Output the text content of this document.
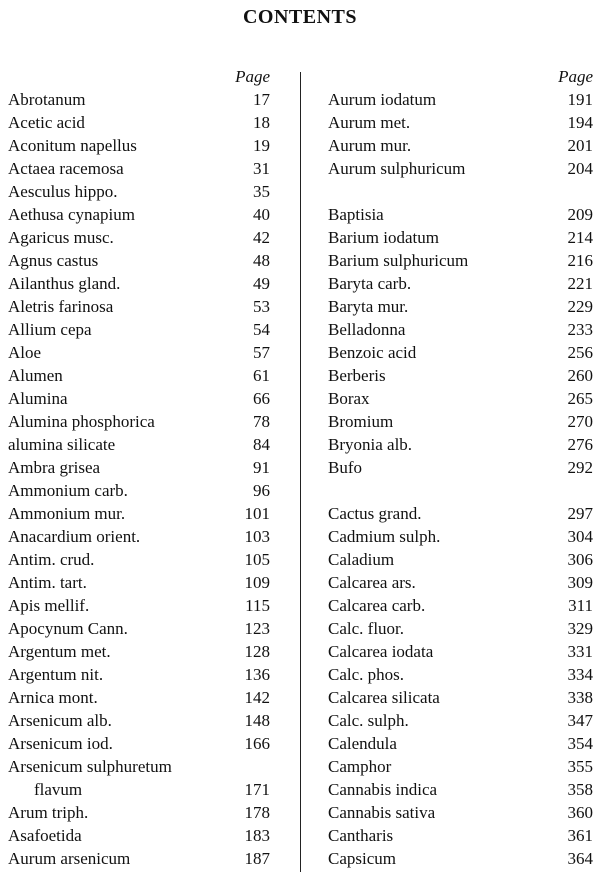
CONTENTS
Page
Abrotanum	17
Acetic acid	18
Aconitum napellus	19
Actaea racemosa	31
Aesculus hippo.	35
Aethusa cynapium	40
Agaricus musc.	42
Agnus castus	48
Ailanthus gland.	49
Aletris farinosa	53
Allium cepa	54
Aloe	57
Alumen	61
Alumina	66
Alumina phosphorica	78
alumina silicate	84
Ambra grisea	91
Ammonium carb.	96
Ammonium mur.	101
Anacardium orient.	103
Antim. crud.	105
Antim. tart.	109
Apis mellif.	115
Apocynum Cann.	123
Argentum met.	128
Argentum nit.	136
Arnica mont.	142
Arsenicum alb.	148
Arsenicum iod.	166
Arsenicum sulphuretum
flavum	171
Arum triph.	178
Asafoetida	183
Aurum arsenicum	187
Page
Aurum iodatum	191
Aurum met.	194
Aurum mur.	201
Aurum sulphuricum	204
Baptisia	209
Barium iodatum	214
Barium sulphuricum	216
Baryta carb.	221
Baryta mur.	229
Belladonna	233
Benzoic acid	256
Berberis	260
Borax	265
Bromium	270
Bryonia alb.	276
Bufo	292
Cactus grand.	297
Cadmium sulph.	304
Caladium	306
Calcarea ars.	309
Calcarea carb.	311
Calc. fluor.	329
Calcarea iodata	331
Calc. phos.	334
Calcarea silicata	338
Calc. sulph.	347
Calendula	354
Camphor	355
Cannabis indica	358
Cannabis sativa	360
Cantharis	361
Capsicum	364
